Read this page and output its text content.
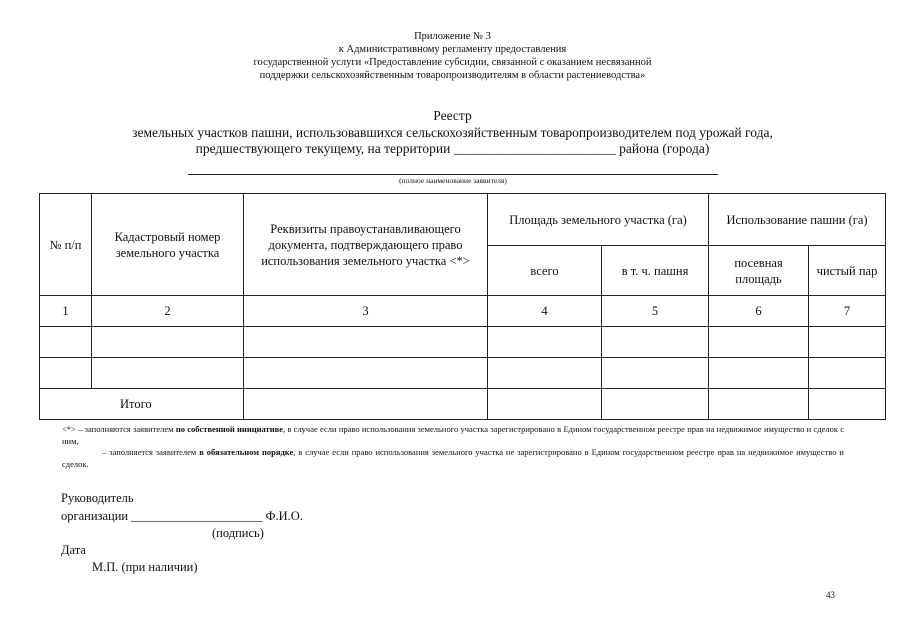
Приложение № 3
к Административному регламенту предоставления
государственной услуги «Предоставление субсидии, связанной с оказанием несвязанной
поддержки сельскохозяйственным товаропроизводителям в области растениеводства»
Реестр
земельных участков пашни, использовавшихся сельскохозяйственным товаропроизводителем под урожай года,
предшествующего текущему, на территории ________________________ района (города)
(полное наименование заявителя)
№ п/п	Кадастровый номер земельного участка	Реквизиты правоустанавливающего документа, подтверждающего право использования земельного участка <*>	Площадь земельного участка (га)		Использование пашни (га)	
			всего	в т. ч. пашня	посевная площадь	чистый пар
1	2	3	4	5	6	7

Итого						

<*> – заполняются заявителем по собственной инициативе, в случае если право использования земельного участка зарегистрировано в Едином государственном реестре прав на недвижимое имущество и сделок с ним,

– заполняется заявителем в обязательном порядке, в случае если право использования земельного участка не зарегистрировано в Едином государственном реестре прав на недвижимое имущество и сделок.

Руководитель
организации _____________________ Ф.И.О.
(подпись)
Дата
М.П. (при наличии)
43
